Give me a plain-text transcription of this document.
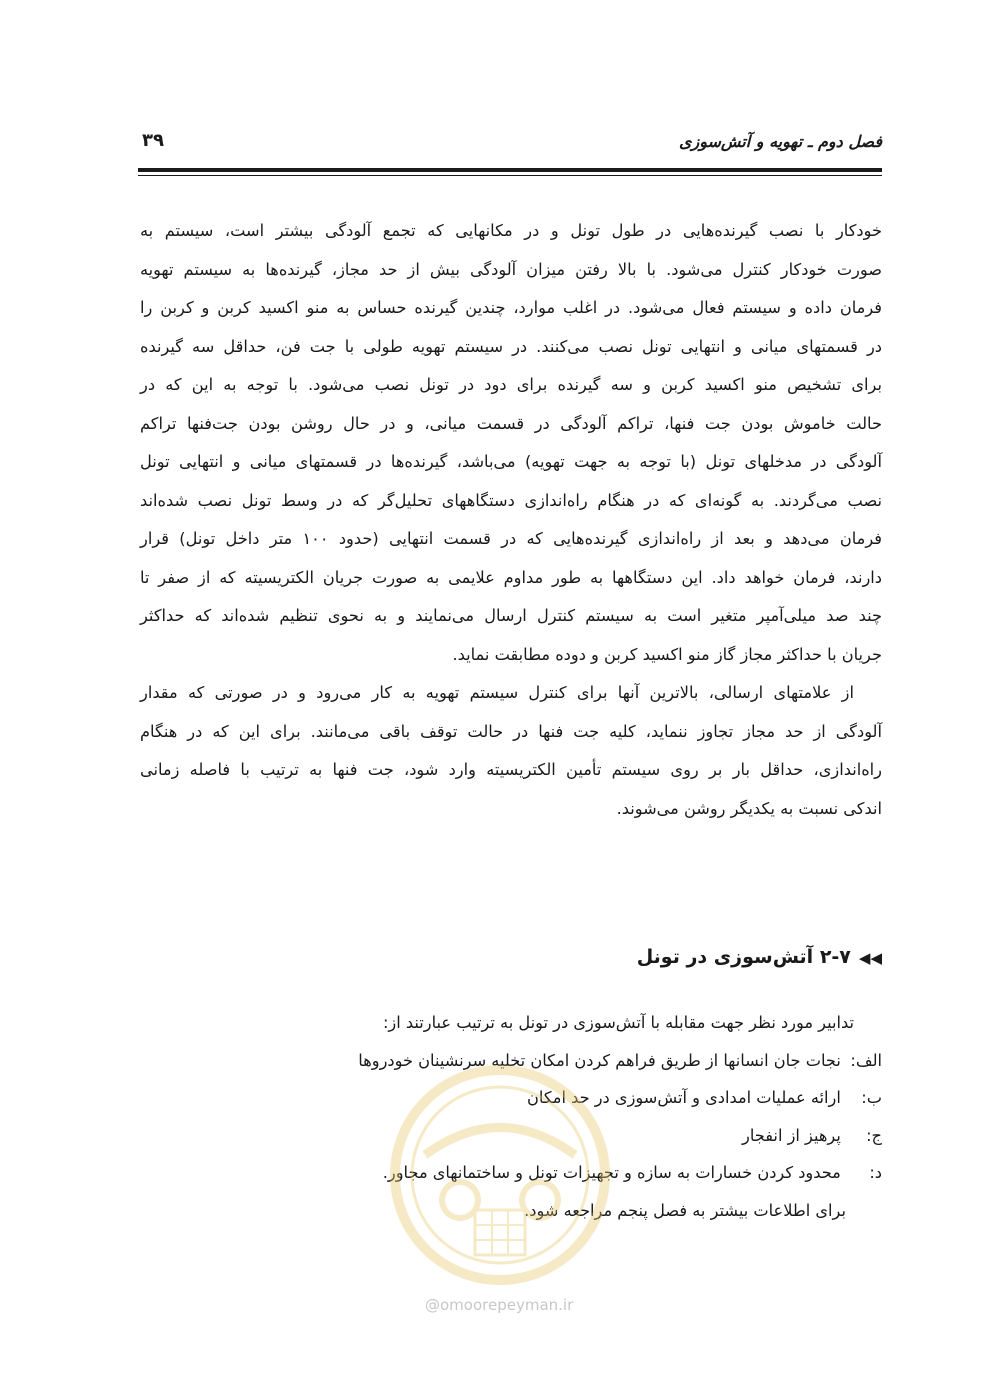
فصل دوم ـ تهویه و آتش‌سوزی
۳۹

خودکار با نصب گیرنده‌هایی در طول تونل و در مکانهایی که تجمع آلودگی بیشتر است، سیستم به
صورت خودکار کنترل می‌شود. با بالا رفتن میزان آلودگی بیش از حد مجاز، گیرنده‌ها به سیستم تهویه
فرمان داده و سیستم فعال می‌شود. در اغلب موارد، چندین گیرنده حساس به منو اکسید کربن و کربن را
در قسمتهای میانی و انتهایی تونل نصب می‌کنند. در سیستم تهویه طولی با جت فن، حداقل سه گیرنده
برای تشخیص منو اکسید کربن و سه گیرنده برای دود در تونل نصب می‌شود. با توجه به این که در
حالت خاموش بودن جت فنها، تراکم آلودگی در قسمت میانی، و در حال روشن بودن جت‌فنها تراکم
آلودگی در مدخلهای تونل (با توجه به جهت تهویه) می‌باشد، گیرنده‌ها در قسمتهای میانی و انتهایی تونل
نصب می‌گردند. به گونه‌ای که در هنگام راه‌اندازی دستگاههای تحلیل‌گر که در وسط تونل نصب شده‌اند
فرمان می‌دهد و بعد از راه‌اندازی گیرنده‌هایی که در قسمت انتهایی (حدود ۱۰۰ متر داخل تونل) قرار
دارند، فرمان خواهد داد. این دستگاهها به طور مداوم علایمی به صورت جریان الکتریسیته که از صفر تا
چند صد میلی‌آمپر متغیر است به سیستم کنترل ارسال می‌نمایند و به نحوی تنظیم شده‌اند که حداکثر
جریان با حداکثر مجاز گاز منو اکسید کربن و دوده مطابقت نماید.

از علامتهای ارسالی، بالاترین آنها برای کنترل سیستم تهویه به کار می‌رود و در صورتی که مقدار
آلودگی از حد مجاز تجاوز ننماید، کلیه جت فنها در حالت توقف باقی می‌مانند. برای این که در هنگام
راه‌اندازی، حداقل بار بر روی سیستم تأمین الکتریسیته وارد شود، جت فنها به ترتیب با فاصله زمانی
اندکی نسبت به یکدیگر روشن می‌شوند.

◀◀۲-۷ آتش‌سوزی در تونل
تدابیر مورد نظر جهت مقابله با آتش‌سوزی در تونل به ترتیب عبارتند از:
الف: نجات جان انسانها از طریق فراهم کردن امکان تخلیه سرنشینان خودروها
ب: ارائه عملیات امدادی و آتش‌سوزی در حد امکان
ج: پرهیز از انفجار
د: محدود کردن خسارات به سازه و تجهیزات تونل و ساختمانهای مجاور.
برای اطلاعات بیشتر به فصل پنجم مراجعه شود.
@omoorepeyman.ir
